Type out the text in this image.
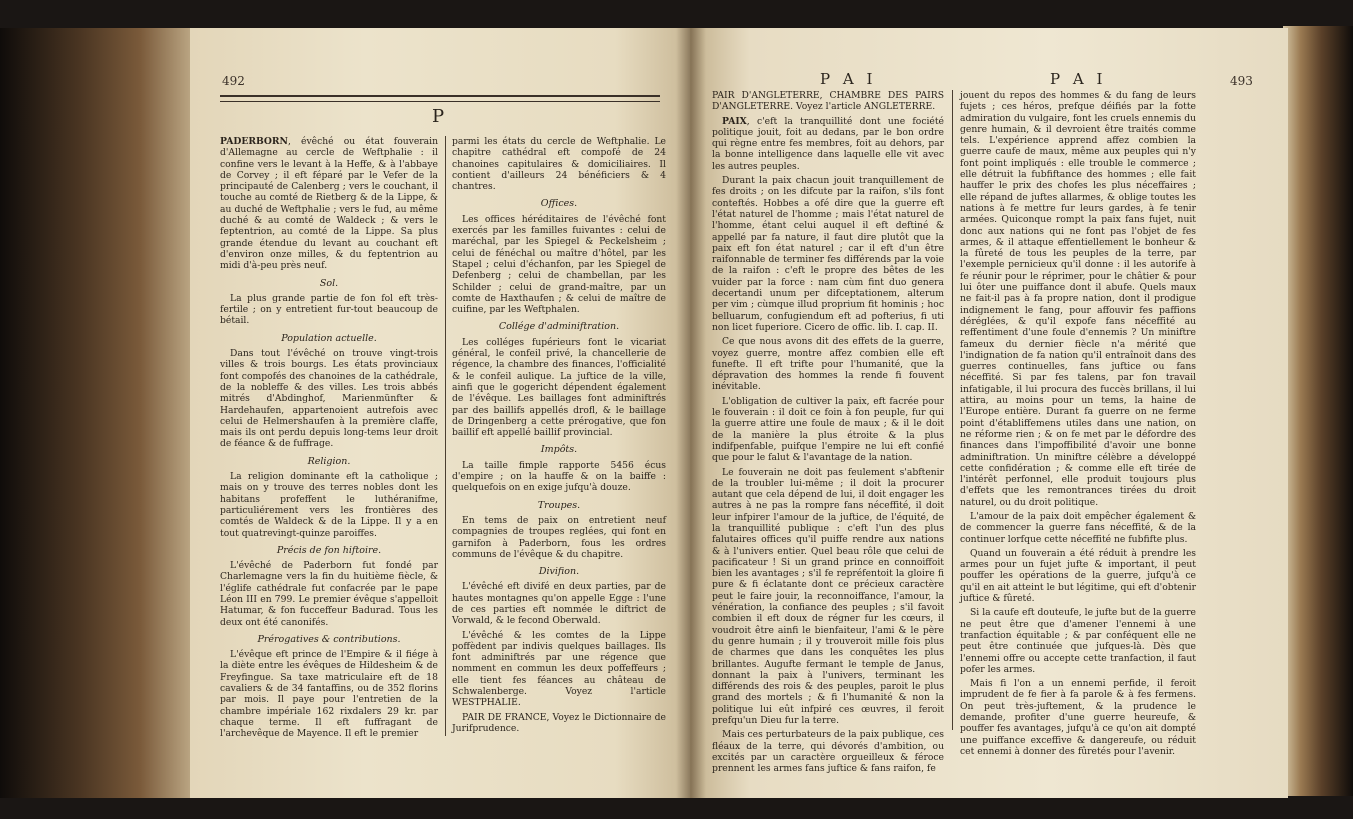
492
P

PADERBORN, évêché ou état fouverain d'Allemagne au cercle de Weftphalie : il confine vers le levant à la Heffe, & à l'abbaye de Corvey ; il eft féparé par le Vefer de la principauté de Calenberg ; vers le couchant, il touche au comté de Rietberg & de la Lippe, & au duché de Weftphalie ; vers le fud, au même duché & au comté de Waldeck ; & vers le feptentrion, au comté de la Lippe. Sa plus grande étendue du levant au couchant eft d'environ onze milles, & du feptentrion au midi d'à-peu près neuf.

Sol.

La plus grande partie de fon fol eft très-fertile ; on y entretient fur-tout beaucoup de bétail.

Population actuelle.

Dans tout l'évêché on trouve vingt-trois villes & trois bourgs. Les états provinciaux font compofés des chanoines de la cathédrale, de la nobleffe & des villes. Les trois abbés mitrés d'Abdinghof, Marienmünfter & Hardehaufen, appartenoient autrefois avec celui de Helmershaufen à la première claffe, mais ils ont perdu depuis long-tems leur droit de féance & de fuffrage.

Religion.

La religion dominante eft la catholique ; mais on y trouve des terres nobles dont les habitans profeffent le luthéranifme, particuliérement vers les frontières des comtés de Waldeck & de la Lippe. Il y a en tout quatrevingt-quinze paroiffes.

Précis de fon hiftoire.

L'évêché de Paderborn fut fondé par Charlemagne vers la fin du huitième fiècle, & l'églife cathédrale fut confacrée par le pape Léon III en 799. Le premier évêque s'appelloit Hatumar, & fon fucceffeur Badurad. Tous les deux ont été canonifés.

Prérogatives & contributions.

L'évêque eft prince de l'Empire & il fiége à la diète entre les évêques de Hildesheim & de Freyfingue. Sa taxe matriculaire eft de 18 cavaliers & de 34 fantaffins, ou de 352 florins par mois. Il paye pour l'entretien de la chambre impériale 162 rixdalers 29 kr. par chaque terme. Il eft fuffragant de l'archevêque de Mayence. Il eft le premier

parmi les états du cercle de Weftphalie. Le chapitre cathédral eft compofé de 24 chanoines capitulaires & domiciliaires. Il contient d'ailleurs 24 bénéficiers & 4 chantres.

Offices.

Les offices héréditaires de l'évêché font exercés par les familles fuivantes : celui de maréchal, par les Spiegel & Peckelsheim ; celui de fénéchal ou maître d'hôtel, par les Stapel ; celui d'échanfon, par les Spiegel de Defenberg ; celui de chambellan, par les Schilder ; celui de grand-maître, par un comte de Haxthaufen ; & celui de maître de cuifine, par les Weftphalen.

Collége d'adminiftration.

Les colléges fupérieurs font le vicariat général, le confeil privé, la chancellerie de régence, la chambre des finances, l'officialité & le confeil aulique. La juftice de la ville, ainfi que le gogericht dépendent également de l'évêque. Les baillages font adminiftrés par des baillifs appellés drofl, & le baillage de Dringenberg a cette prérogative, que fon baillif eft appellé baillif provincial.

Impôts.

La taille fimple rapporte 5456 écus d'empire ; on la hauffe & on la baiffe : quelquefois on en exige jufqu'à douze.

Troupes.

En tems de paix on entretient neuf compagnies de troupes reglées, qui font en garnifon à Paderborn, fous les ordres communs de l'évêque & du chapitre.

Divifion.

L'évêché eft divifé en deux parties, par de hautes montagnes qu'on appelle Egge : l'une de ces parties eft nommée le diftrict de Vorwald, & le fecond Oberwald.

L'évêché & les comtes de la Lippe poffèdent par indivis quelques baillages. Ils font adminiftrés par une régence que nomment en commun les deux poffeffeurs ; elle tient fes féances au château de Schwalenberge. Voyez l'article WESTPHALIE.

PAIR DE FRANCE, Voyez le Dictionnaire de Jurifprudence.

P A I	P A I	493

PAIR D'ANGLETERRE, CHAMBRE DES PAIRS D'ANGLETERRE. Voyez l'article ANGLETERRE.

PAIX, c'eft la tranquillité dont une fociété politique jouit, foit au dedans, par le bon ordre qui règne entre fes membres, foit au dehors, par la bonne intelligence dans laquelle elle vit avec les autres peuples.

Durant la paix chacun jouit tranquillement de fes droits ; on les difcute par la raifon, s'ils font conteftés. Hobbes a ofé dire que la guerre eft l'état naturel de l'homme ; mais l'état naturel de l'homme, étant celui auquel il eft deftiné & appellé par fa nature, il faut dire plutôt que la paix eft fon état naturel ; car il eft d'un être raifonnable de terminer fes différends par la voie de la raifon : c'eft le propre des bêtes de les vuider par la force : nam cùm fint duo genera decertandi unum per difceptationem, alterum per vim ; cùmque illud proprium fit hominis ; hoc belluarum, confugiendum eft ad pofterius, fi uti non licet fuperiore. Cicero de offic. lib. I. cap. II.

Ce que nous avons dit des effets de la guerre, voyez guerre, montre affez combien elle eft funefte. Il eft trifte pour l'humanité, que la dépravation des hommes la rende fi fouvent inévitable.

L'obligation de cultiver la paix, eft facrée pour le fouverain : il doit ce foin à fon peuple, fur qui la guerre attire une foule de maux ; & il le doit de la manière la plus étroite & la plus indifpenfable, puifque l'empire ne lui eft confié que pour le falut & l'avantage de la nation.

Le fouverain ne doit pas feulement s'abftenir de la troubler lui-même ; il doit la procurer autant que cela dépend de lui, il doit engager les autres à ne pas la rompre fans néceffité, il doit leur infpirer l'amour de la juftice, de l'équité, de la tranquillité publique : c'eft l'un des plus falutaires offices qu'il puiffe rendre aux nations & à l'univers entier. Quel beau rôle que celui de pacificateur ! Si un grand prince en connoiffoit bien les avantages ; s'il fe repréfentoit la gloire fi pure & fi éclatante dont ce précieux caractère peut le faire jouir, la reconnoiffance, l'amour, la vénération, la confiance des peuples ; s'il favoit combien il eft doux de régner fur les cœurs, il voudroit être ainfi le bienfaiteur, l'ami & le père du genre humain ; il y trouveroit mille fois plus de charmes que dans les conquêtes les plus brillantes. Augufte fermant le temple de Janus, donnant la paix à l'univers, terminant les différends des rois & des peuples, paroit le plus grand des mortels ; & fi l'humanité & non la politique lui eût infpiré ces œuvres, il feroit prefqu'un Dieu fur la terre.

Mais ces perturbateurs de la paix publique, ces fléaux de la terre, qui dévorés d'ambition, ou excités par un caractère orgueilleux & féroce prennent les armes fans juftice & fans raifon, fe

jouent du repos des hommes & du fang de leurs fujets ; ces héros, prefque déifiés par la fotte admiration du vulgaire, font les cruels ennemis du genre humain, & il devroient être traités comme tels. L'expérience apprend affez combien la guerre caufe de maux, même aux peuples qui n'y font point impliqués : elle trouble le commerce ; elle détruit la fubfiftance des hommes ; elle fait hauffer le prix des chofes les plus néceffaires ; elle répand de juftes allarmes, & oblige toutes les nations à fe mettre fur leurs gardes, à fe tenir armées. Quiconque rompt la paix fans fujet, nuit donc aux nations qui ne font pas l'objet de fes armes, & il attaque effentiellement le bonheur & la fûreté de tous les peuples de la terre, par l'exemple pernicieux qu'il donne : il les autorife à fe réunir pour le réprimer, pour le châtier & pour lui ôter une puiffance dont il abufe. Quels maux ne fait-il pas à fa propre nation, dont il prodigue indignement le fang, pour affouvir fes paffions déréglées, & qu'il expofe fans néceffité au reffentiment d'une foule d'ennemis ? Un miniftre fameux du dernier fiècle n'a mérité que l'indignation de fa nation qu'il entraînoit dans des guerres continuelles, fans juftice ou fans néceffité. Si par fes talens, par fon travail infatigable, il lui procura des fuccès brillans, il lui attira, au moins pour un tems, la haine de l'Europe entière. Durant fa guerre on ne ferme point d'établiffemens utiles dans une nation, on ne réforme rien ; & on fe met par le défordre des finances dans l'impoffibilité d'avoir une bonne adminiftration. Un miniftre célèbre a développé cette confidération ; & comme elle eft tirée de l'intérêt perfonnel, elle produit toujours plus d'effets que les remontrances tirées du droit naturel, ou du droit politique.

L'amour de la paix doit empêcher également & de commencer la guerre fans néceffité, & de la continuer lorfque cette néceffité ne fubfifte plus.

Quand un fouverain a été réduit à prendre les armes pour un fujet jufte & important, il peut pouffer les opérations de la guerre, jufqu'à ce qu'il en ait atteint le but légitime, qui eft d'obtenir juftice & fûreté.

Si la caufe eft douteufe, le jufte but de la guerre ne peut être que d'amener l'ennemi à une tranfaction équitable ; & par conféquent elle ne peut être continuée que jufques-là. Dès que l'ennemi offre ou accepte cette tranfaction, il faut pofer les armes.

Mais fi l'on a un ennemi perfide, il feroit imprudent de fe fier à fa parole & à fes fermens. On peut très-juftement, & la prudence le demande, profiter d'une guerre heureufe, & pouffer fes avantages, jufqu'à ce qu'on ait dompté une puiffance exceffive & dangereufe, ou réduit cet ennemi à donner des fûretés pour l'avenir.
